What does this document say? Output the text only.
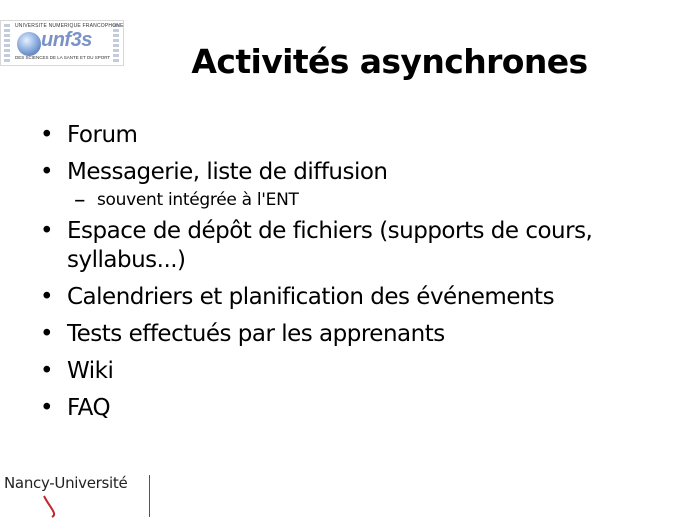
UNIVERSITE NUMERIQUE FRANCOPHONE
unf3s
DES SCIENCES DE LA SANTE ET DU SPORT	Activités asynchrones
• Forum
• Messagerie, liste de diffusion
– souvent intégrée à l'ENT
• Espace de dépôt de fichiers (supports de cours, syllabus...)
• Calendriers et planification des événements
• Tests effectués par les apprenants
• Wiki
• FAQ
Nancy-Université
